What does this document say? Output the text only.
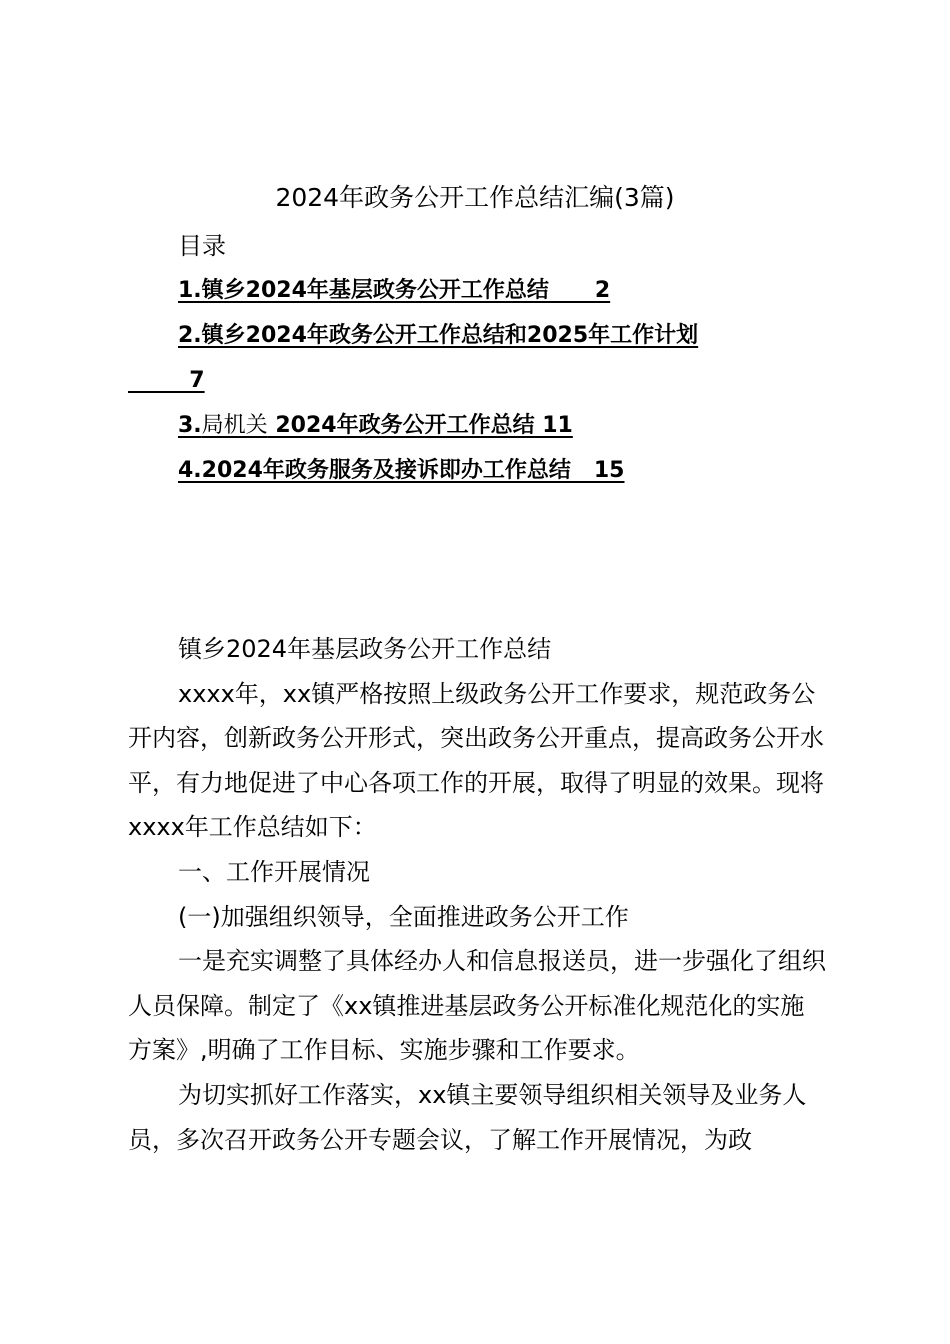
2024年政务公开工作总结汇编(3篇)
目录
1.镇乡2024年基层政务公开工作总结      2
2.镇乡2024年政务公开工作总结和2025年工作计划
7
3.局机关 2024年政务公开工作总结 11
4.2024年政务服务及接诉即办工作总结   15

镇乡2024年基层政务公开工作总结

xxxx年，xx镇严格按照上级政务公开工作要求，规范政务公开内容，创新政务公开形式，突出政务公开重点，提高政务公开水平，有力地促进了中心各项工作的开展，取得了明显的效果。现将xxxx年工作总结如下：

一、工作开展情况

(一)加强组织领导，全面推进政务公开工作

一是充实调整了具体经办人和信息报送员，进一步强化了组织人员保障。制定了《xx镇推进基层政务公开标准化规范化的实施方案》,明确了工作目标、实施步骤和工作要求。

为切实抓好工作落实，xx镇主要领导组织相关领导及业务人员，多次召开政务公开专题会议，了解工作开展情况，为政
